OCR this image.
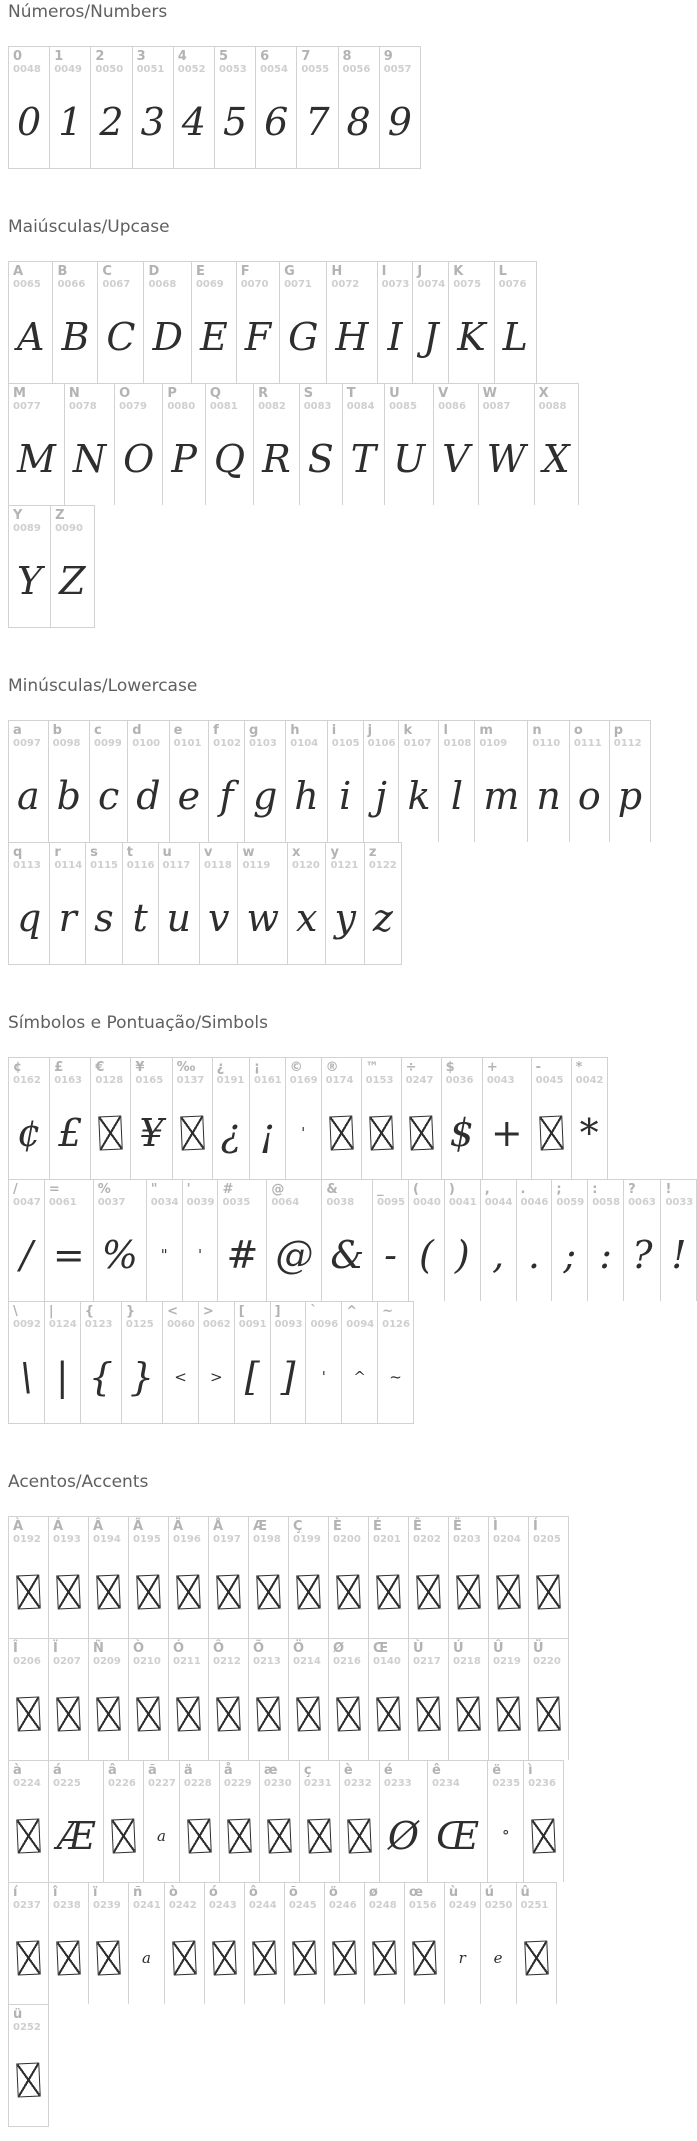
Números/Numbers
0
0048
0
1
0049
1
2
0050
2
3
0051
3
4
0052
4
5
0053
5
6
0054
6
7
0055
7
8
0056
8
9
0057
9
Maiúsculas/Upcase
A
0065
A
B
0066
B
C
0067
C
D
0068
D
E
0069
E
F
0070
F
G
0071
G
H
0072
H
I
0073
I
J
0074
J
K
0075
K
L
0076
L
M
0077
M
N
0078
N
O
0079
O
P
0080
P
Q
0081
Q
R
0082
R
S
0083
S
T
0084
T
U
0085
U
V
0086
V
W
0087
W
X
0088
X
Y
0089
Y
Z
0090
Z
Minúsculas/Lowercase
a
0097
a
b
0098
b
c
0099
c
d
0100
d
e
0101
e
f
0102
f
g
0103
g
h
0104
h
i
0105
i
j
0106
j
k
0107
k
l
0108
l
m
0109
m
n
0110
n
o
0111
o
p
0112
p
q
0113
q
r
0114
r
s
0115
s
t
0116
t
u
0117
u
v
0118
v
w
0119
w
x
0120
x
y
0121
y
z
0122
z
Símbolos e Pontuação/Simbols
¢
0162
¢
£
0163
£
€
0128
¥
0165
¥
‰
0137
¿
0191
¿
¡
0161
¡
©
0169
'
®
0174
™
0153
÷
0247
$
0036
$
+
0043
+
-
0045
*
0042
*
/
0047
/
=
0061
=
%
0037
%
"
0034
"
'
0039
'
#
0035
#
@
0064
@
&
0038
&
_
0095
-
(
0040
(
)
0041
)
,
0044
,
.
0046
.
;
0059
;
:
0058
:
?
0063
?
!
0033
!
\
0092
\
|
0124
|
{
0123
{
}
0125
}
<
0060
<
>
0062
>
[
0091
[
]
0093
]
`
0096
'
^
0094
^
~
0126
~
Acentos/Accents
À
0192
Á
0193
Â
0194
Ã
0195
Ä
0196
Å
0197
Æ
0198
Ç
0199
È
0200
É
0201
Ê
0202
Ë
0203
Ì
0204
Í
0205
Î
0206
Ï
0207
Ñ
0209
Ò
0210
Ó
0211
Ô
0212
Õ
0213
Ö
0214
Ø
0216
Œ
0140
Ù
0217
Ú
0218
Û
0219
Ü
0220
à
0224
á
0225
Æ
â
0226
ã
0227
a
ä
0228
å
0229
æ
0230
ç
0231
è
0232
é
0233
Ø
ê
0234
Œ
ë
0235
°
ì
0236
í
0237
î
0238
ï
0239
ñ
0241
a
ò
0242
ó
0243
ô
0244
õ
0245
ö
0246
ø
0248
œ
0156
ù
0249
r
ú
0250
e
û
0251
ü
0252
